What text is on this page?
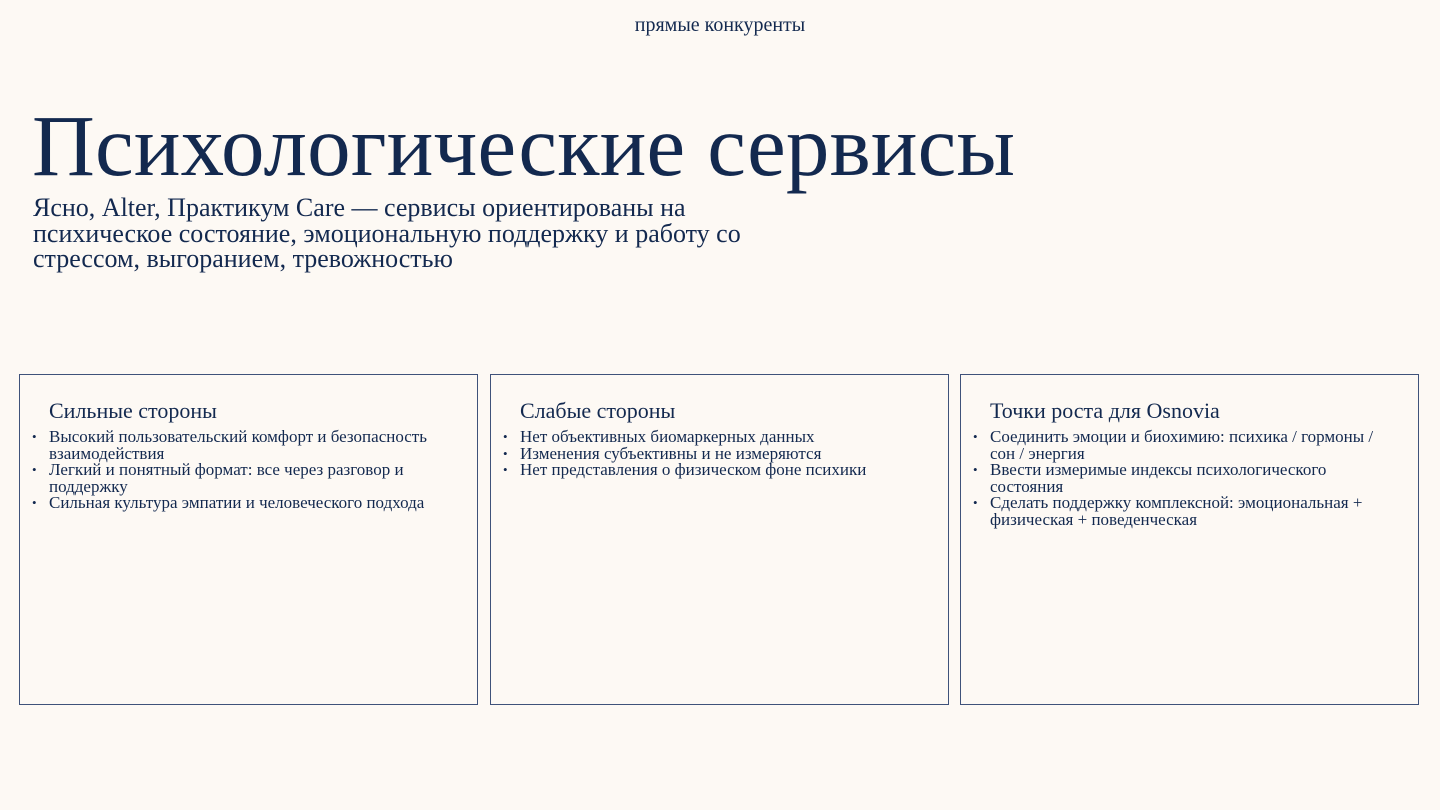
прямые конкуренты
Психологические сервисы

Ясно, Alter, Практикум Care — сервисы ориентированы на психическое состояние, эмоциональную поддержку и работу со стрессом, выгоранием, тревожностью

Сильные стороны
• Высокий пользовательский комфорт и безопасность взаимодействия
• Легкий и понятный формат: все через разговор и поддержку
• Сильная культура эмпатии и человеческого подхода
Слабые стороны
• Нет объективных биомаркерных данных
• Изменения субъективны и не измеряются
• Нет представления о физическом фоне психики
Точки роста для Osnovia
• Соединить эмоции и биохимию: психика / гормоны / сон / энергия
• Ввести измеримые индексы психологического состояния
• Сделать поддержку комплексной: эмоциональная + физическая + поведенческая
